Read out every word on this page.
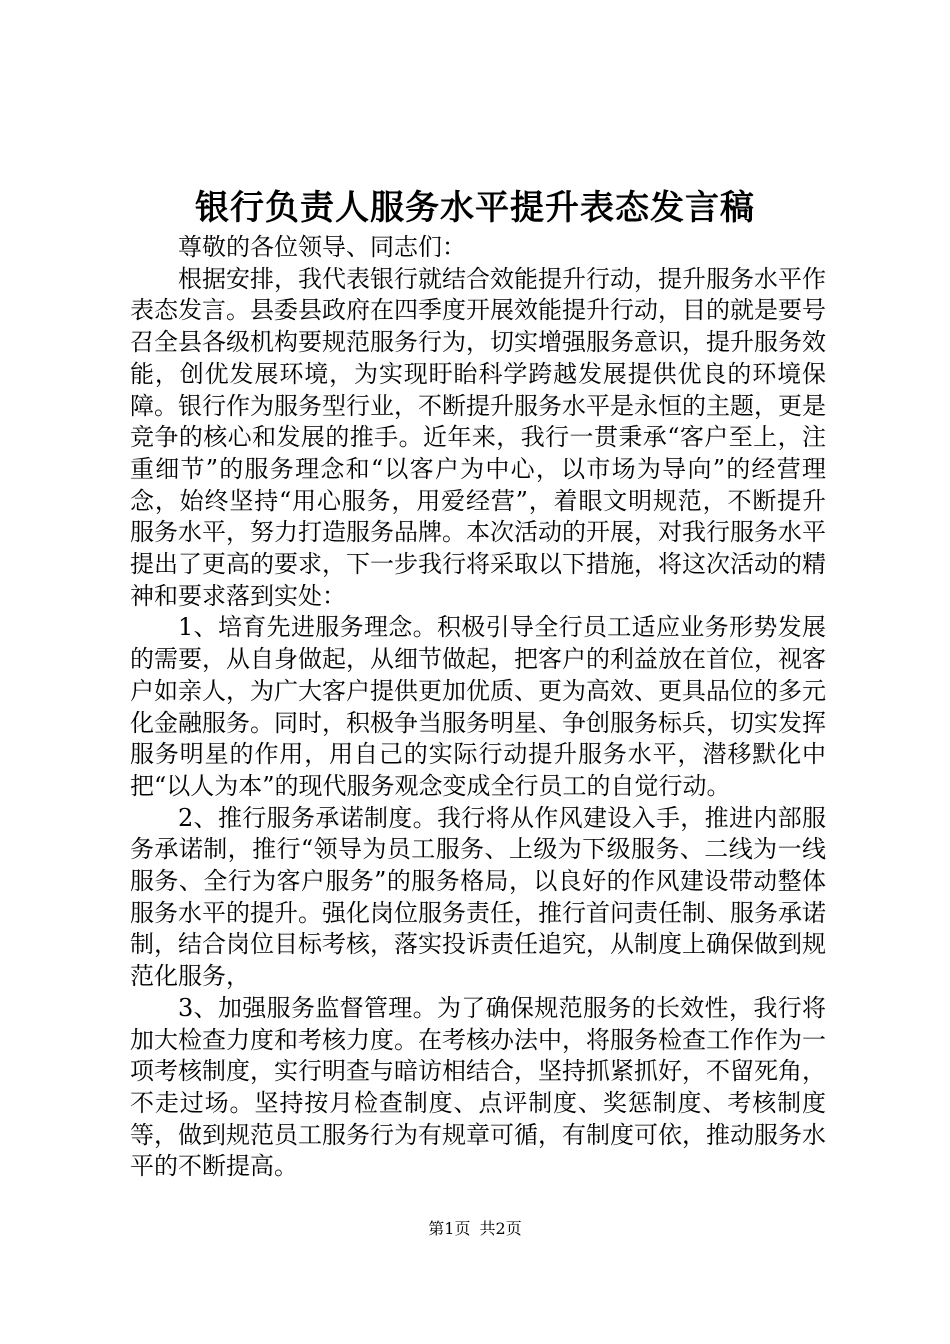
银行负责人服务水平提升表态发言稿

尊敬的各位领导、同志们：

根据安排，我代表银行就结合效能提升行动，提升服务水平作表态发言。县委县政府在四季度开展效能提升行动，目的就是要号召全县各级机构要规范服务行为，切实增强服务意识，提升服务效能，创优发展环境，为实现盱眙科学跨越发展提供优良的环境保障。银行作为服务型行业，不断提升服务水平是永恒的主题，更是竞争的核心和发展的推手。近年来，我行一贯秉承“客户至上，注重细节”的服务理念和“以客户为中心，以市场为导向”的经营理念，始终坚持“用心服务，用爱经营”，着眼文明规范，不断提升服务水平，努力打造服务品牌。本次活动的开展，对我行服务水平提出了更高的要求，下一步我行将采取以下措施，将这次活动的精神和要求落到实处：

1、培育先进服务理念。积极引导全行员工适应业务形势发展的需要，从自身做起，从细节做起，把客户的利益放在首位，视客户如亲人，为广大客户提供更加优质、更为高效、更具品位的多元化金融服务。同时，积极争当服务明星、争创服务标兵，切实发挥服务明星的作用，用自己的实际行动提升服务水平，潜移默化中把“以人为本”的现代服务观念变成全行员工的自觉行动。

2、推行服务承诺制度。我行将从作风建设入手，推进内部服务承诺制，推行“领导为员工服务、上级为下级服务、二线为一线服务、全行为客户服务”的服务格局，以良好的作风建设带动整体服务水平的提升。强化岗位服务责任，推行首问责任制、服务承诺制，结合岗位目标考核，落实投诉责任追究，从制度上确保做到规范化服务，

3、加强服务监督管理。为了确保规范服务的长效性，我行将加大检查力度和考核力度。在考核办法中，将服务检查工作作为一项考核制度，实行明查与暗访相结合，坚持抓紧抓好，不留死角，不走过场。坚持按月检查制度、点评制度、奖惩制度、考核制度等，做到规范员工服务行为有规章可循，有制度可依，推动服务水平的不断提高。

第1页 共2页
